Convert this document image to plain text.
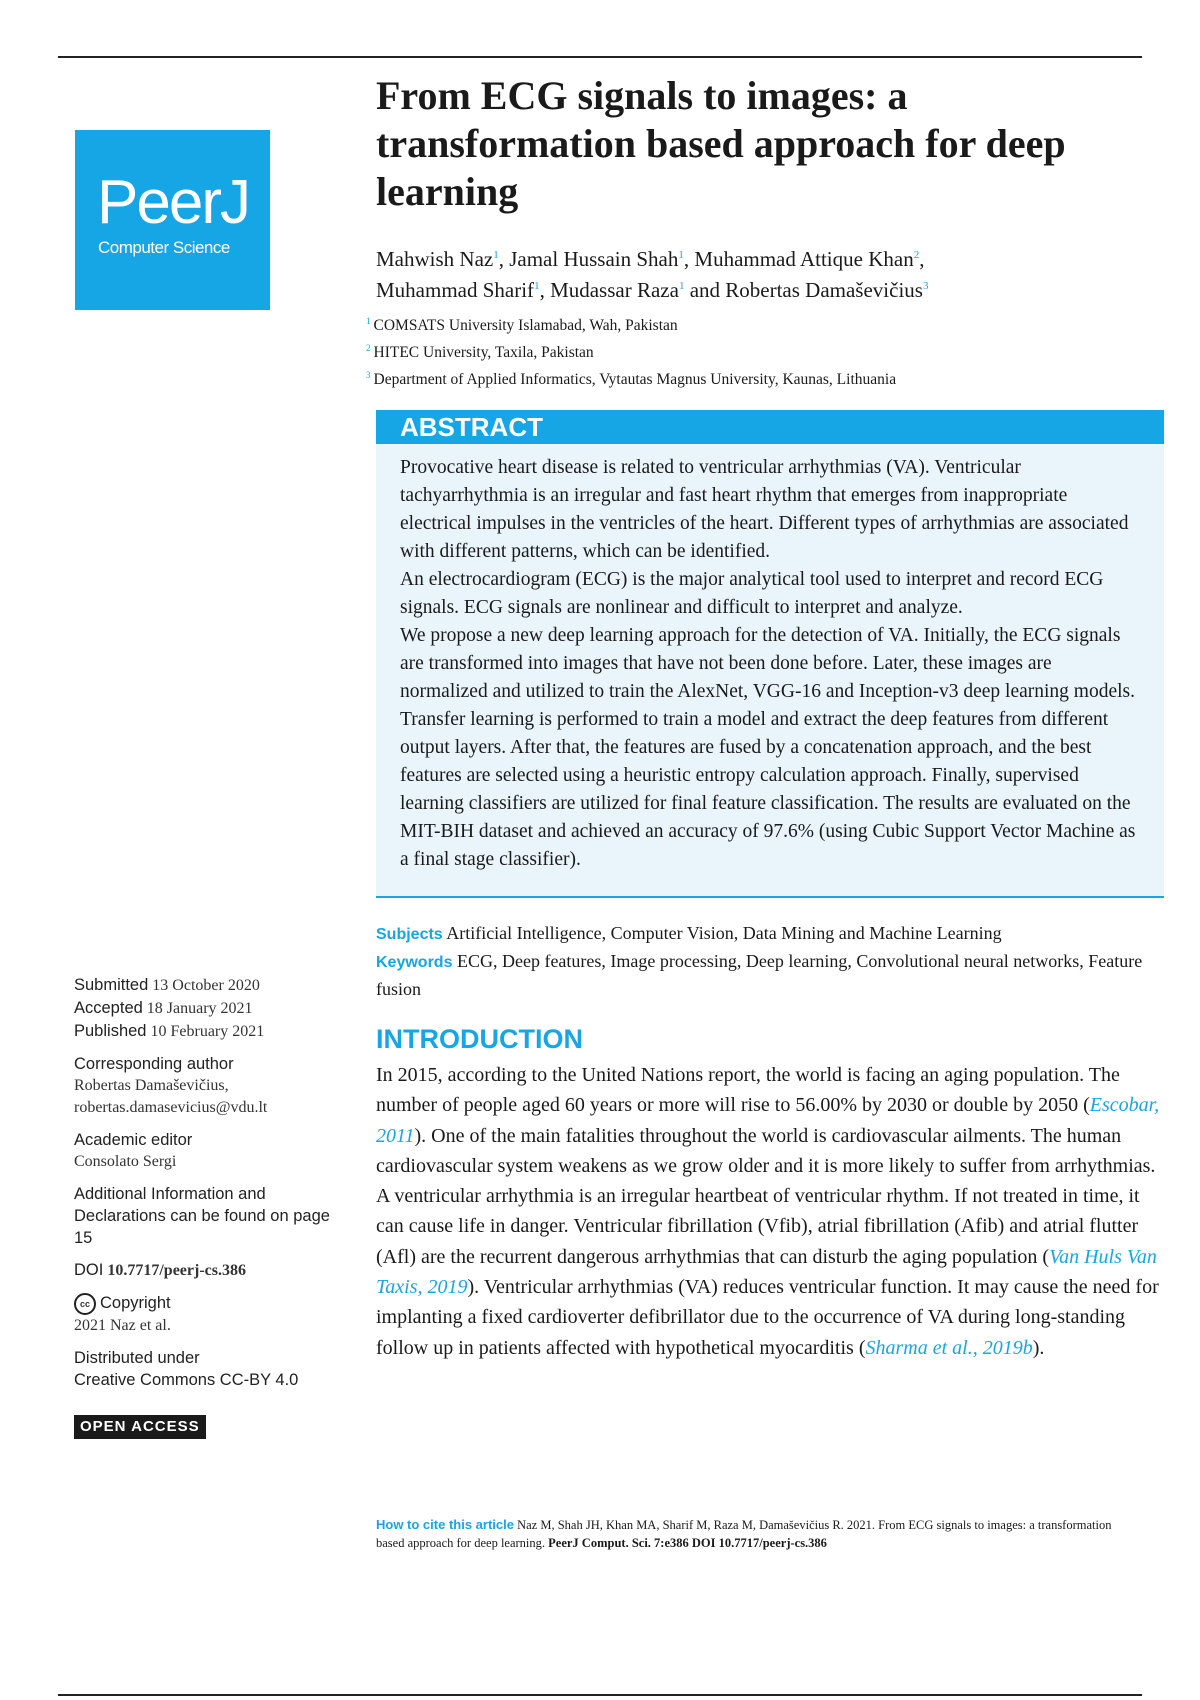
PeerJ
Computer Science
From ECG signals to images: a transformation based approach for deep learning
Mahwish Naz$^1$, Jamal Hussain Shah$^1$, Muhammad Attique Khan$^2$,
Muhammad Sharif$^1$, Mudassar Raza$^1$ and Robertas Damaševičius$^3$
$^1$ COMSATS University Islamabad, Wah, Pakistan
$^2$ HITEC University, Taxila, Pakistan
$^3$ Department of Applied Informatics, Vytautas Magnus University, Kaunas, Lithuania
ABSTRACT

Provocative heart disease is related to ventricular arrhythmias (VA). Ventricular tachyarrhythmia is an irregular and fast heart rhythm that emerges from inappropriate electrical impulses in the ventricles of the heart. Different types of arrhythmias are associated with different patterns, which can be identified.

An electrocardiogram (ECG) is the major analytical tool used to interpret and record ECG signals. ECG signals are nonlinear and difficult to interpret and analyze.

We propose a new deep learning approach for the detection of VA. Initially, the ECG signals are transformed into images that have not been done before. Later, these images are normalized and utilized to train the AlexNet, VGG-16 and Inception-v3 deep learning models. Transfer learning is performed to train a model and extract the deep features from different output layers. After that, the features are fused by a concatenation approach, and the best features are selected using a heuristic entropy calculation approach. Finally, supervised learning classifiers are utilized for final feature classification. The results are evaluated on the MIT-BIH dataset and achieved an accuracy of 97.6% (using Cubic Support Vector Machine as a final stage classifier).

Subjects Artificial Intelligence, Computer Vision, Data Mining and Machine Learning
Keywords ECG, Deep features, Image processing, Deep learning, Convolutional neural networks, Feature fusion
Submitted 13 October 2020
Accepted 18 January 2021
Published 10 February 2021
Corresponding author
Robertas Damaševičius,
robertas.damasevicius@vdu.lt
Academic editor
Consolato Sergi
Additional Information and Declarations can be found on page 15
DOI 10.7717/peerj-cs.386
cc Copyright
2021 Naz et al.
Distributed under
Creative Commons CC-BY 4.0
OPEN ACCESS
INTRODUCTION

In 2015, according to the United Nations report, the world is facing an aging population. The number of people aged 60 years or more will rise to 56.00% by 2030 or double by 2050 (Escobar, 2011). One of the main fatalities throughout the world is cardiovascular ailments. The human cardiovascular system weakens as we grow older and it is more likely to suffer from arrhythmias. A ventricular arrhythmia is an irregular heartbeat of ventricular rhythm. If not treated in time, it can cause life in danger. Ventricular fibrillation (Vfib), atrial fibrillation (Afib) and atrial flutter (Afl) are the recurrent dangerous arrhythmias that can disturb the aging population (Van Huls Van Taxis, 2019). Ventricular arrhythmias (VA) reduces ventricular function. It may cause the need for implanting a fixed cardioverter defibrillator due to the occurrence of VA during long-standing follow up in patients affected with hypothetical myocarditis (Sharma et al., 2019b).

How to cite this article Naz M, Shah JH, Khan MA, Sharif M, Raza M, Damaševičius R. 2021. From ECG signals to images: a transformation based approach for deep learning. PeerJ Comput. Sci. 7:e386 DOI 10.7717/peerj-cs.386
